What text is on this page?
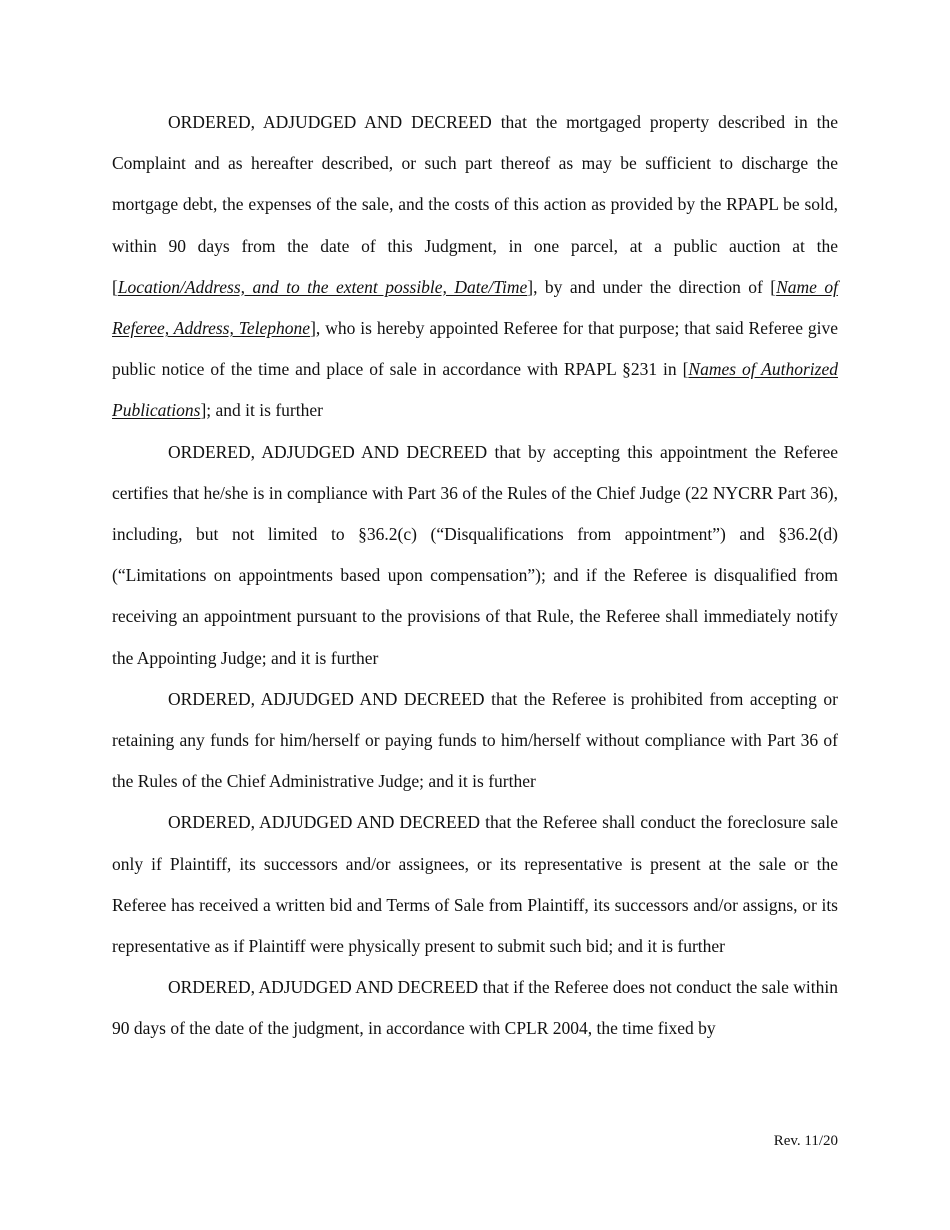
ORDERED, ADJUDGED AND DECREED that the mortgaged property described in the Complaint and as hereafter described, or such part thereof as may be sufficient to discharge the mortgage debt, the expenses of the sale, and the costs of this action as provided by the RPAPL be sold, within 90 days from the date of this Judgment, in one parcel, at a public auction at the [Location/Address, and to the extent possible, Date/Time], by and under the direction of [Name of Referee, Address, Telephone], who is hereby appointed Referee for that purpose; that said Referee give public notice of the time and place of sale in accordance with RPAPL §231 in [Names of Authorized Publications]; and it is further

ORDERED, ADJUDGED AND DECREED that by accepting this appointment the Referee certifies that he/she is in compliance with Part 36 of the Rules of the Chief Judge (22 NYCRR Part 36), including, but not limited to §36.2(c) (“Disqualifications from appointment”) and §36.2(d) (“Limitations on appointments based upon compensation”); and if the Referee is disqualified from receiving an appointment pursuant to the provisions of that Rule, the Referee shall immediately notify the Appointing Judge; and it is further

ORDERED, ADJUDGED AND DECREED that the Referee is prohibited from accepting or retaining any funds for him/herself or paying funds to him/herself without compliance with Part 36 of the Rules of the Chief Administrative Judge; and it is further

ORDERED, ADJUDGED AND DECREED that the Referee shall conduct the foreclosure sale only if Plaintiff, its successors and/or assignees, or its representative is present at the sale or the Referee has received a written bid and Terms of Sale from Plaintiff, its successors and/or assigns, or its representative as if Plaintiff were physically present to submit such bid; and it is further

ORDERED, ADJUDGED AND DECREED that if the Referee does not conduct the sale within 90 days of the date of the judgment, in accordance with CPLR 2004, the time fixed by

Rev. 11/20
